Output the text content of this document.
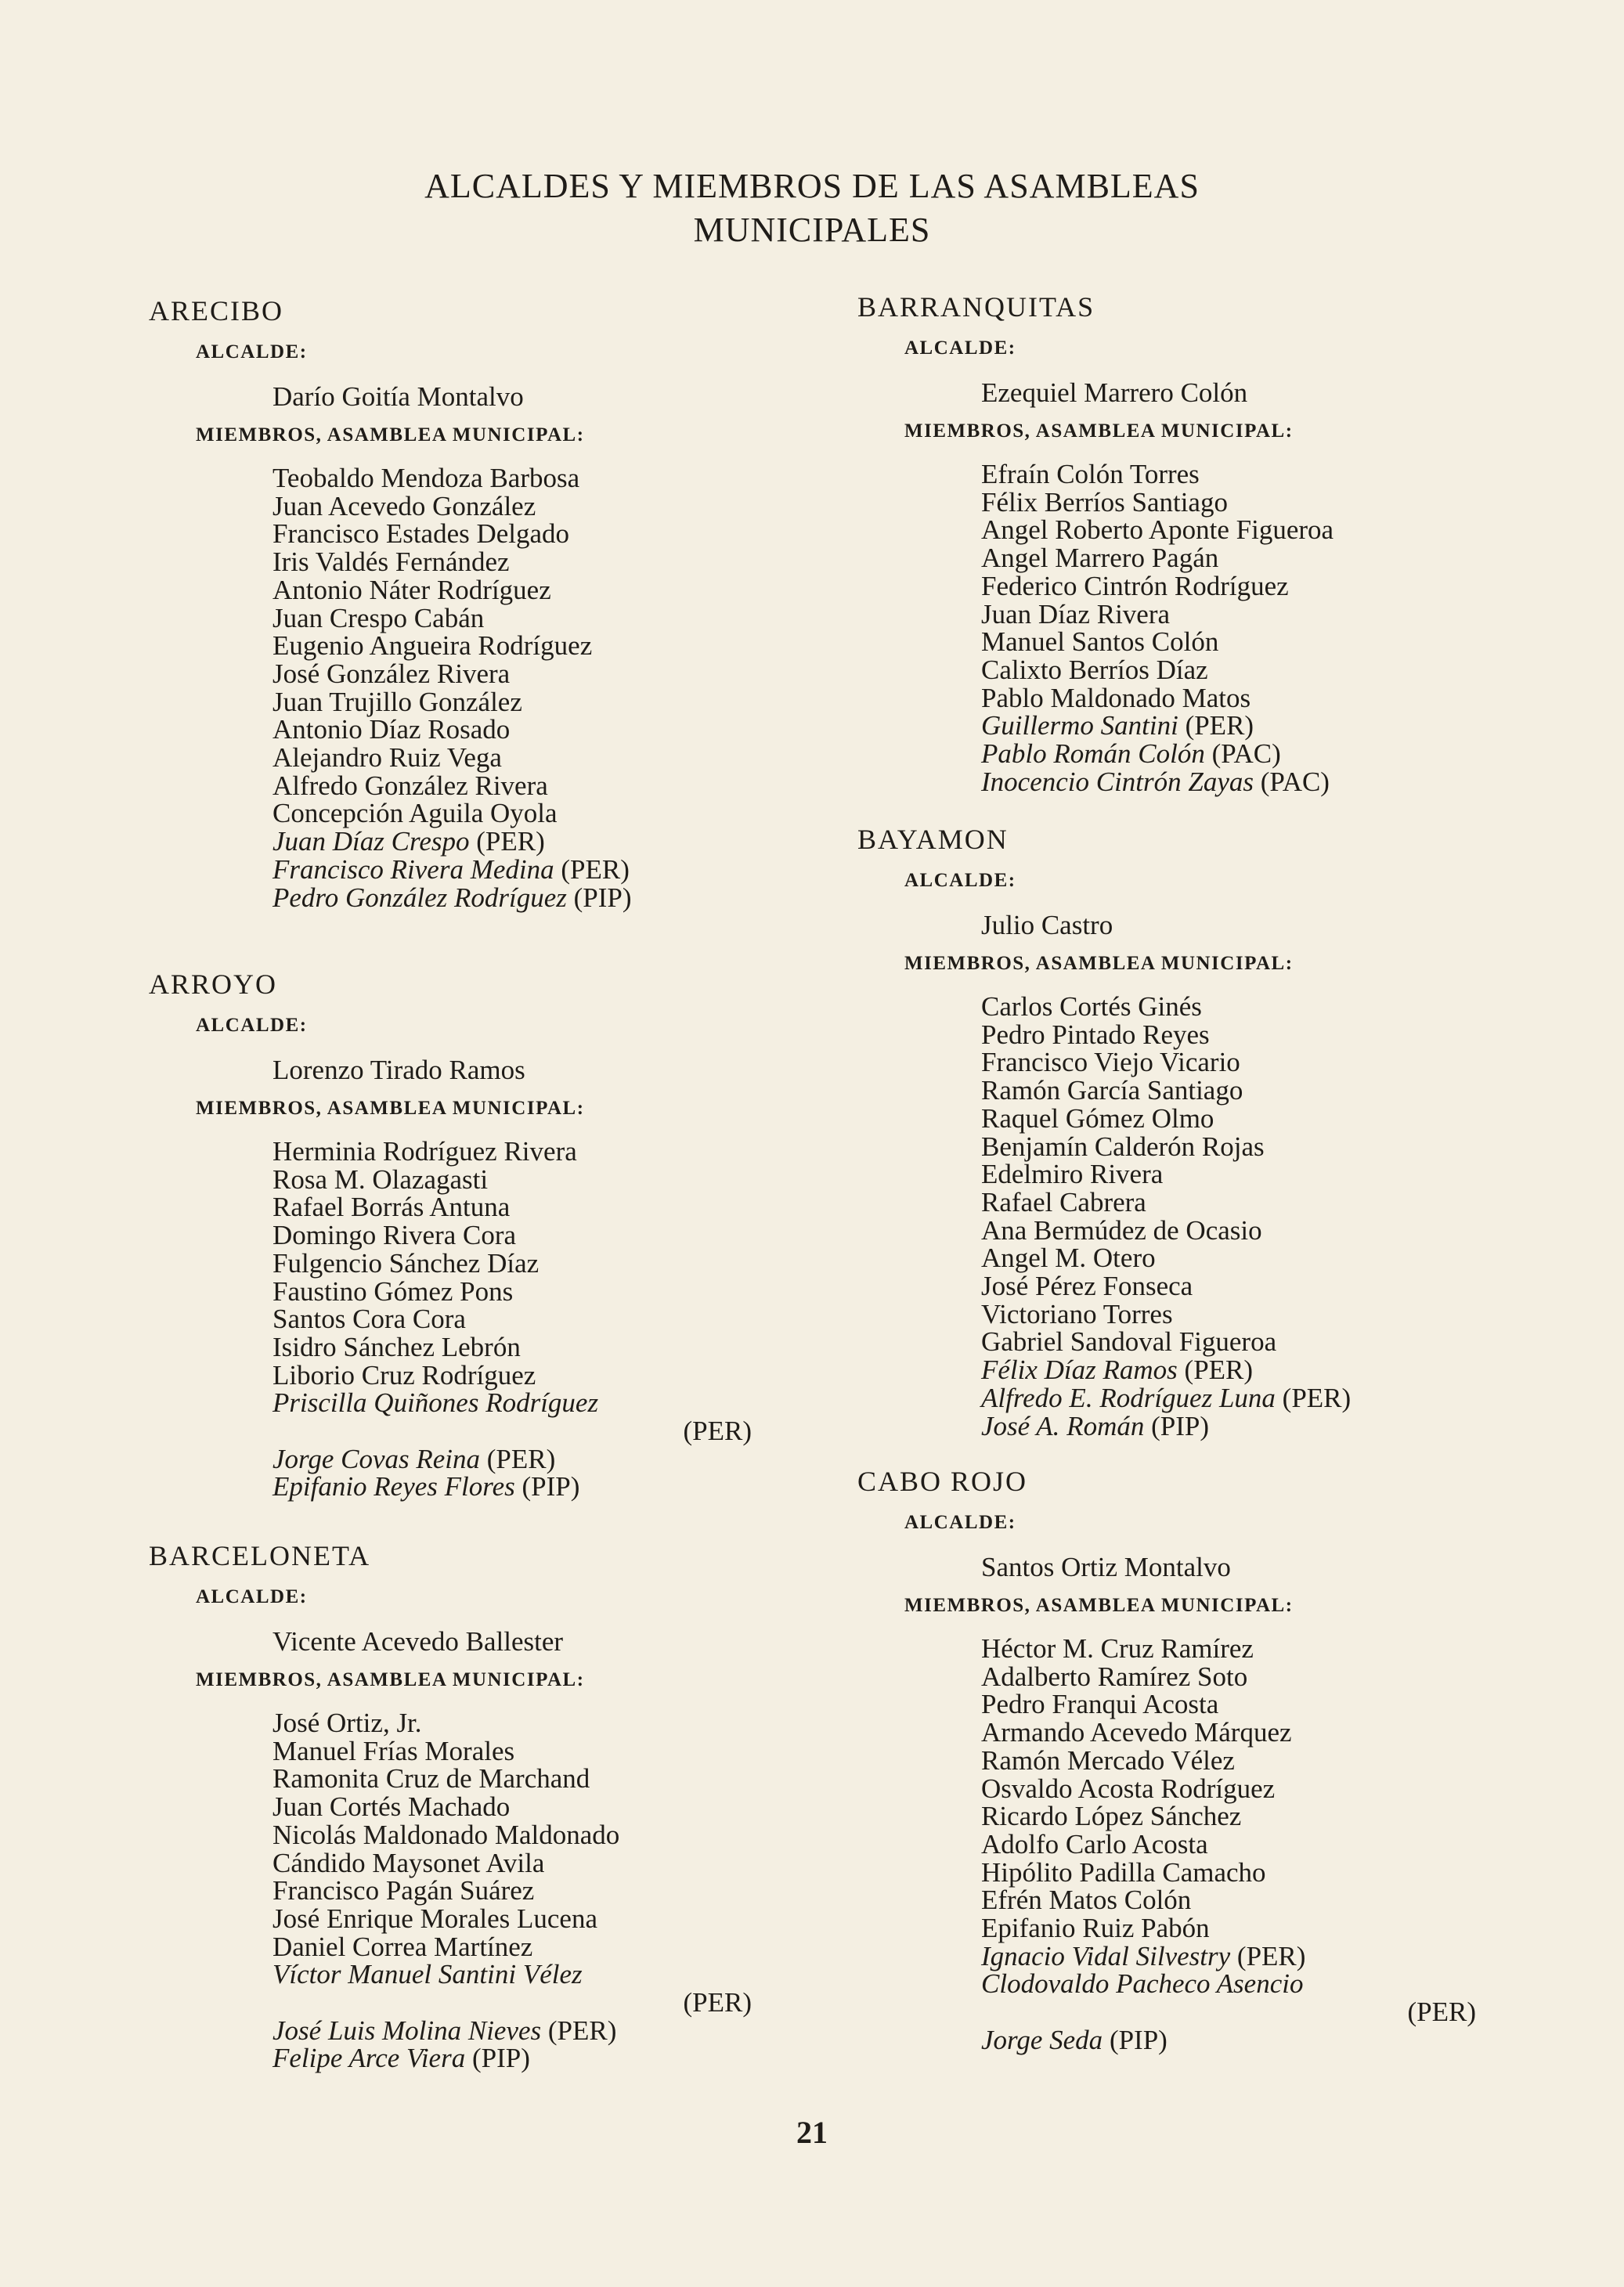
ALCALDES Y MIEMBROS DE LAS ASAMBLEAS
MUNICIPALES
ARECIBO
ALCALDE:
Darío Goitía Montalvo
MIEMBROS, ASAMBLEA MUNICIPAL:
Teobaldo Mendoza Barbosa
Juan Acevedo González
Francisco Estades Delgado
Iris Valdés Fernández
Antonio Náter Rodríguez
Juan Crespo Cabán
Eugenio Angueira Rodríguez
José González Rivera
Juan Trujillo González
Antonio Díaz Rosado
Alejandro Ruiz Vega
Alfredo González Rivera
Concepción Aguila Oyola
Juan Díaz Crespo (PER)
Francisco Rivera Medina (PER)
Pedro González Rodríguez (PIP)
ARROYO
ALCALDE:
Lorenzo Tirado Ramos
MIEMBROS, ASAMBLEA MUNICIPAL:
Herminia Rodríguez Rivera
Rosa M. Olazagasti
Rafael Borrás Antuna
Domingo Rivera Cora
Fulgencio Sánchez Díaz
Faustino Gómez Pons
Santos Cora Cora
Isidro Sánchez Lebrón
Liborio Cruz Rodríguez
Priscilla Quiñones Rodríguez
(PER)
Jorge Covas Reina (PER)
Epifanio Reyes Flores (PIP)
BARCELONETA
ALCALDE:
Vicente Acevedo Ballester
MIEMBROS, ASAMBLEA MUNICIPAL:
José Ortiz, Jr.
Manuel Frías Morales
Ramonita Cruz de Marchand
Juan Cortés Machado
Nicolás Maldonado Maldonado
Cándido Maysonet Avila
Francisco Pagán Suárez
José Enrique Morales Lucena
Daniel Correa Martínez
Víctor Manuel Santini Vélez
(PER)
José Luis Molina Nieves (PER)
Felipe Arce Viera (PIP)
BARRANQUITAS
ALCALDE:
Ezequiel Marrero Colón
MIEMBROS, ASAMBLEA MUNICIPAL:
Efraín Colón Torres
Félix Berríos Santiago
Angel Roberto Aponte Figueroa
Angel Marrero Pagán
Federico Cintrón Rodríguez
Juan Díaz Rivera
Manuel Santos Colón
Calixto Berríos Díaz
Pablo Maldonado Matos
Guillermo Santini (PER)
Pablo Román Colón (PAC)
Inocencio Cintrón Zayas (PAC)
BAYAMON
ALCALDE:
Julio Castro
MIEMBROS, ASAMBLEA MUNICIPAL:
Carlos Cortés Ginés
Pedro Pintado Reyes
Francisco Viejo Vicario
Ramón García Santiago
Raquel Gómez Olmo
Benjamín Calderón Rojas
Edelmiro Rivera
Rafael Cabrera
Ana Bermúdez de Ocasio
Angel M. Otero
José Pérez Fonseca
Victoriano Torres
Gabriel Sandoval Figueroa
Félix Díaz Ramos (PER)
Alfredo E. Rodríguez Luna (PER)
José A. Román (PIP)
CABO ROJO
ALCALDE:
Santos Ortiz Montalvo
MIEMBROS, ASAMBLEA MUNICIPAL:
Héctor M. Cruz Ramírez
Adalberto Ramírez Soto
Pedro Franqui Acosta
Armando Acevedo Márquez
Ramón Mercado Vélez
Osvaldo Acosta Rodríguez
Ricardo López Sánchez
Adolfo Carlo Acosta
Hipólito Padilla Camacho
Efrén Matos Colón
Epifanio Ruiz Pabón
Ignacio Vidal Silvestry (PER)
Clodovaldo Pacheco Asencio
(PER)
Jorge Seda (PIP)
21
